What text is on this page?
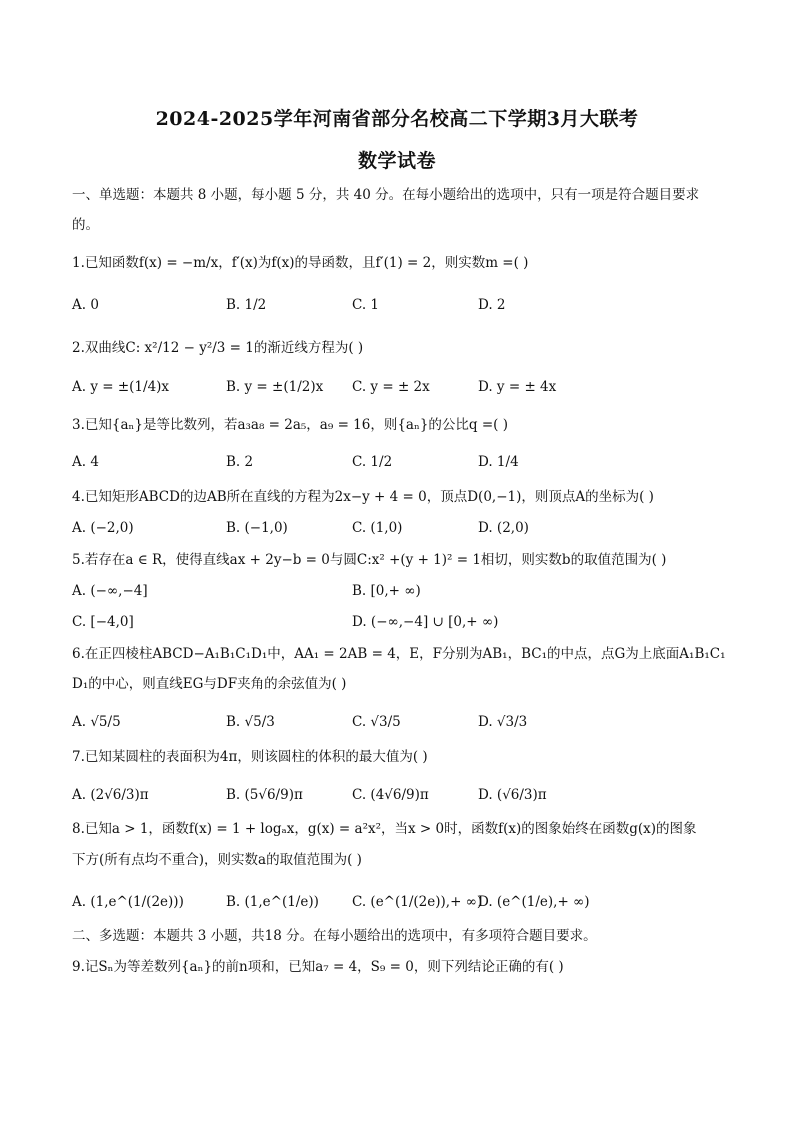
2024-2025学年河南省部分名校高二下学期3月大联考
数学试卷
一、单选题：本题共 8 小题，每小题 5 分，共 40 分。在每小题给出的选项中，只有一项是符合题目要求
的。
1.已知函数f(x) = −m/x，f′(x)为f(x)的导函数，且f′(1) = 2，则实数m =( )
A. 0	B. 1/2	C. 1	D. 2
2.双曲线C: x²/12 − y²/3 = 1的渐近线方程为( )
A. y = ±(1/4)x	B. y = ±(1/2)x C. y = ± 2x	D. y = ± 4x
3.已知{aₙ}是等比数列，若a₃a₈ = 2a₅，a₉ = 16，则{aₙ}的公比q =( )
A. 4	B. 2	C. 1/2	D. 1/4
4.已知矩形ABCD的边AB所在直线的方程为2x−y + 4 = 0，顶点D(0,−1)，则顶点A的坐标为( )
A. (−2,0)	B. (−1,0)	C. (1,0)	D. (2,0)
5.若存在a ∈ R，使得直线ax + 2y−b = 0与圆C:x² +(y + 1)² = 1相切，则实数b的取值范围为( )
A. (−∞,−4]	B. [0,+ ∞)
C. [−4,0]	D. (−∞,−4] ∪ [0,+ ∞)
6.在正四棱柱ABCD−A₁B₁C₁D₁中，AA₁ = 2AB = 4，E，F分别为AB₁，BC₁的中点，点G为上底面A₁B₁C₁
D₁的中心，则直线EG与DF夹角的余弦值为( )
A. √5/5	B. √5/3	C. √3/5	D. √3/3
7.已知某圆柱的表面积为4π，则该圆柱的体积的最大值为( )
A. (2√6/3)π	B. (5√6/9)π	C. (4√6/9)π	D. (√6/3)π
8.已知a > 1，函数f(x) = 1 + logₐx，g(x) = a²x²，当x > 0时，函数f(x)的图象始终在函数g(x)的图象
下方(所有点均不重合)，则实数a的取值范围为( )
A. (1,e^(1/(2e)))	B. (1,e^(1/e)) C. (e^(1/(2e)),+ ∞)
D. (e^(1/e),+ ∞)
二、多选题：本题共 3 小题，共18 分。在每小题给出的选项中，有多项符合题目要求。
9.记Sₙ为等差数列{aₙ}的前n项和，已知a₇ = 4，S₉ = 0，则下列结论正确的有( )
